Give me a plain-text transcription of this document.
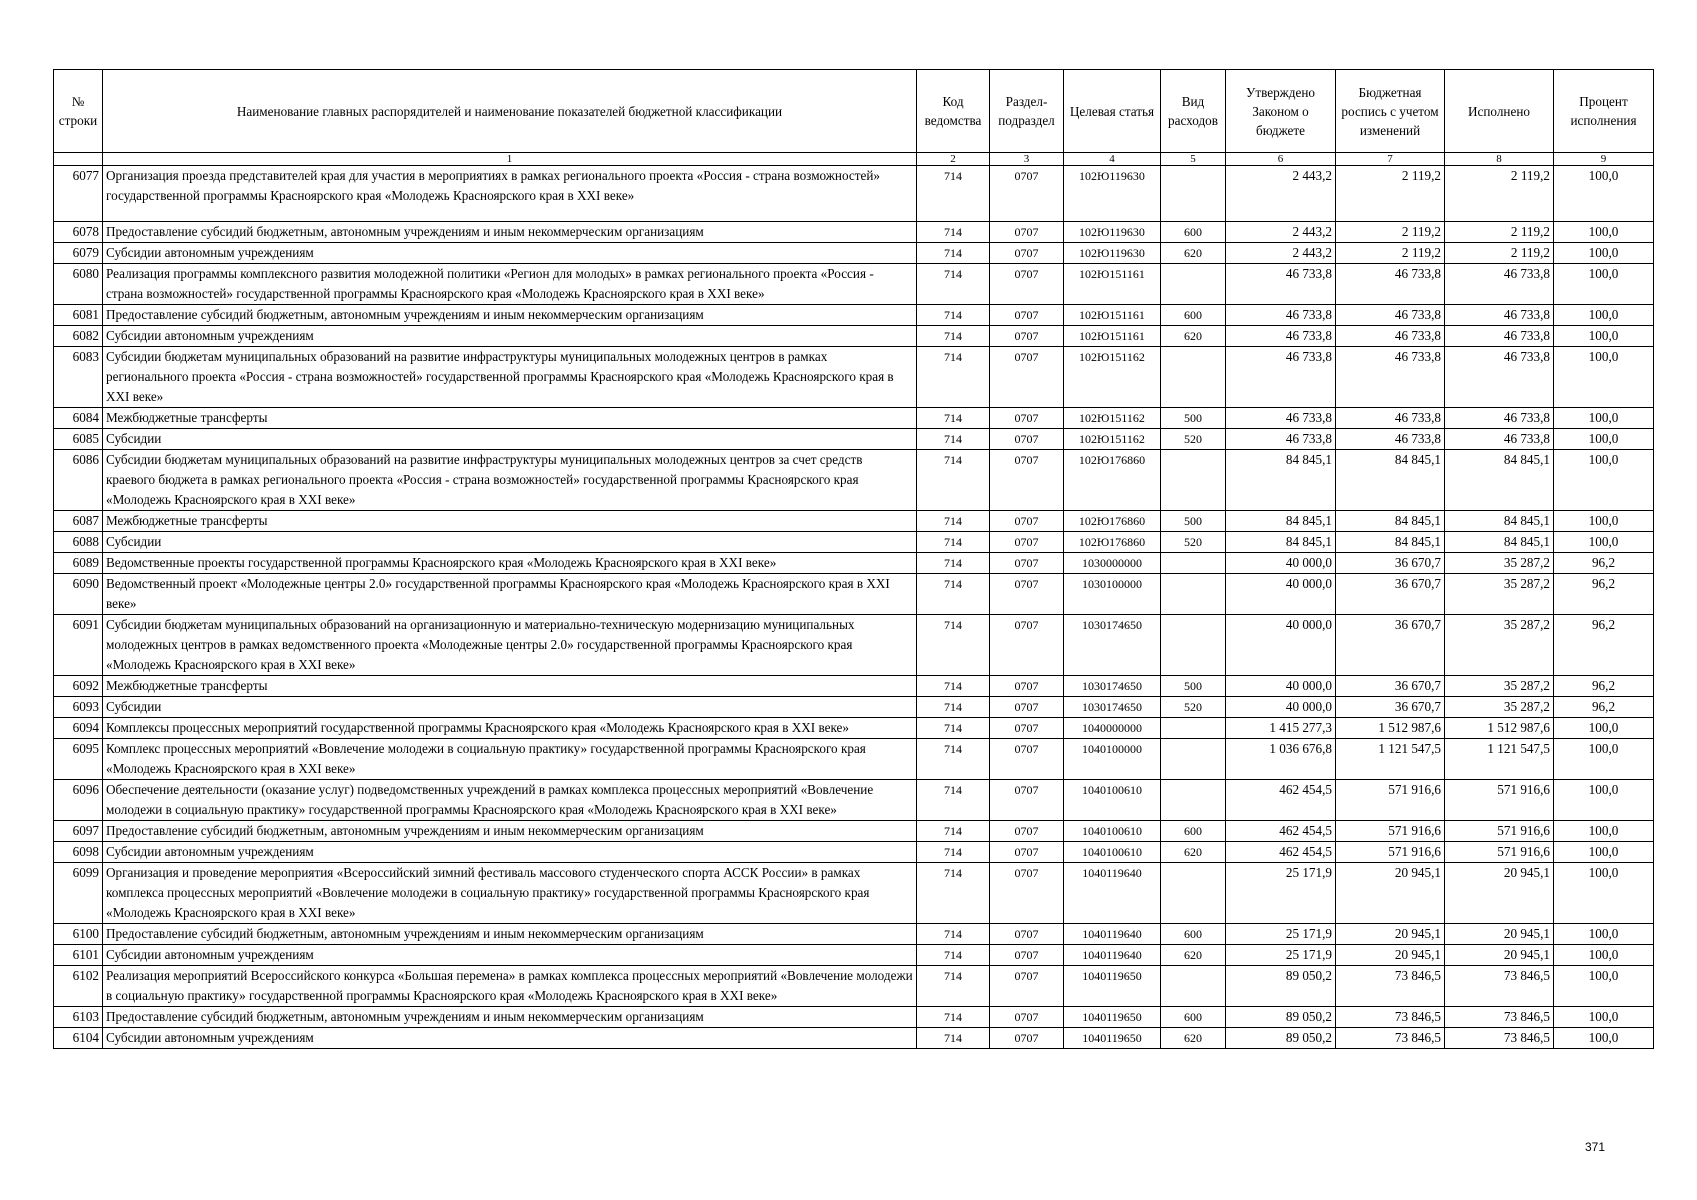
№ строки	Наименование главных распорядителей и наименование показателей бюджетной классификации	Код ведомства	Раздел-подраздел	Целевая статья	Вид расходов	Утверждено Законом о бюджете	Бюджетная роспись с учетом изменений	Исполнено	Процент исполнения
	1	2	3	4	5	6	7	8	9
6077	Организация проезда представителей края для участия в мероприятиях в рамках регионального проекта «Россия - страна возможностей» государственной программы Красноярского края «Молодежь Красноярского края в XXI веке»	714	0707	102Ю119630		2 443,2	2 119,2	2 119,2	100,0
6078	Предоставление субсидий бюджетным, автономным учреждениям и иным некоммерческим организациям	714	0707	102Ю119630	600	2 443,2	2 119,2	2 119,2	100,0
6079	Субсидии автономным учреждениям	714	0707	102Ю119630	620	2 443,2	2 119,2	2 119,2	100,0
6080	Реализация программы комплексного развития молодежной политики «Регион для молодых» в рамках регионального проекта «Россия - страна возможностей» государственной программы Красноярского края «Молодежь Красноярского края в XXI веке»	714	0707	102Ю151161		46 733,8	46 733,8	46 733,8	100,0
6081	Предоставление субсидий бюджетным, автономным учреждениям и иным некоммерческим организациям	714	0707	102Ю151161	600	46 733,8	46 733,8	46 733,8	100,0
6082	Субсидии автономным учреждениям	714	0707	102Ю151161	620	46 733,8	46 733,8	46 733,8	100,0
6083	Субсидии бюджетам муниципальных образований на развитие инфраструктуры муниципальных молодежных центров в рамках регионального проекта «Россия - страна возможностей» государственной программы Красноярского края «Молодежь Красноярского края в XXI веке»	714	0707	102Ю151162		46 733,8	46 733,8	46 733,8	100,0
6084	Межбюджетные трансферты	714	0707	102Ю151162	500	46 733,8	46 733,8	46 733,8	100,0
6085	Субсидии	714	0707	102Ю151162	520	46 733,8	46 733,8	46 733,8	100,0
6086	Субсидии бюджетам муниципальных образований на развитие инфраструктуры муниципальных молодежных центров за счет средств краевого бюджета в рамках регионального проекта «Россия - страна возможностей» государственной программы Красноярского края «Молодежь Красноярского края в XXI веке»	714	0707	102Ю176860		84 845,1	84 845,1	84 845,1	100,0
6087	Межбюджетные трансферты	714	0707	102Ю176860	500	84 845,1	84 845,1	84 845,1	100,0
6088	Субсидии	714	0707	102Ю176860	520	84 845,1	84 845,1	84 845,1	100,0
6089	Ведомственные проекты государственной программы Красноярского края «Молодежь Красноярского края в XXI веке»	714	0707	1030000000		40 000,0	36 670,7	35 287,2	96,2
6090	Ведомственный проект «Молодежные центры 2.0» государственной программы Красноярского края «Молодежь Красноярского края в XXI веке»	714	0707	1030100000		40 000,0	36 670,7	35 287,2	96,2
6091	Субсидии бюджетам муниципальных образований на организационную и материально-техническую модернизацию муниципальных молодежных центров в рамках ведомственного проекта «Молодежные центры 2.0» государственной программы Красноярского края «Молодежь Красноярского края в XXI веке»	714	0707	1030174650		40 000,0	36 670,7	35 287,2	96,2
6092	Межбюджетные трансферты	714	0707	1030174650	500	40 000,0	36 670,7	35 287,2	96,2
6093	Субсидии	714	0707	1030174650	520	40 000,0	36 670,7	35 287,2	96,2
6094	Комплексы процессных мероприятий государственной программы Красноярского края «Молодежь Красноярского края в XXI веке»	714	0707	1040000000		1 415 277,3	1 512 987,6	1 512 987,6	100,0
6095	Комплекс процессных мероприятий «Вовлечение молодежи в социальную практику» государственной программы Красноярского края «Молодежь Красноярского края в XXI веке»	714	0707	1040100000		1 036 676,8	1 121 547,5	1 121 547,5	100,0
6096	Обеспечение деятельности (оказание услуг) подведомственных учреждений в рамках комплекса процессных мероприятий «Вовлечение молодежи в социальную практику» государственной программы Красноярского края «Молодежь Красноярского края в XXI веке»	714	0707	1040100610		462 454,5	571 916,6	571 916,6	100,0
6097	Предоставление субсидий бюджетным, автономным учреждениям и иным некоммерческим организациям	714	0707	1040100610	600	462 454,5	571 916,6	571 916,6	100,0
6098	Субсидии автономным учреждениям	714	0707	1040100610	620	462 454,5	571 916,6	571 916,6	100,0
6099	Организация и проведение мероприятия «Всероссийский зимний фестиваль массового студенческого спорта АССК России» в рамках комплекса процессных мероприятий «Вовлечение молодежи в социальную практику» государственной программы Красноярского края «Молодежь Красноярского края в XXI веке»	714	0707	1040119640		25 171,9	20 945,1	20 945,1	100,0
6100	Предоставление субсидий бюджетным, автономным учреждениям и иным некоммерческим организациям	714	0707	1040119640	600	25 171,9	20 945,1	20 945,1	100,0
6101	Субсидии автономным учреждениям	714	0707	1040119640	620	25 171,9	20 945,1	20 945,1	100,0
6102	Реализация мероприятий Всероссийского конкурса «Большая перемена» в рамках комплекса процессных мероприятий «Вовлечение молодежи в социальную практику» государственной программы Красноярского края «Молодежь Красноярского края в XXI веке»	714	0707	1040119650		89 050,2	73 846,5	73 846,5	100,0
6103	Предоставление субсидий бюджетным, автономным учреждениям и иным некоммерческим организациям	714	0707	1040119650	600	89 050,2	73 846,5	73 846,5	100,0
6104	Субсидии автономным учреждениям	714	0707	1040119650	620	89 050,2	73 846,5	73 846,5	100,0
371
